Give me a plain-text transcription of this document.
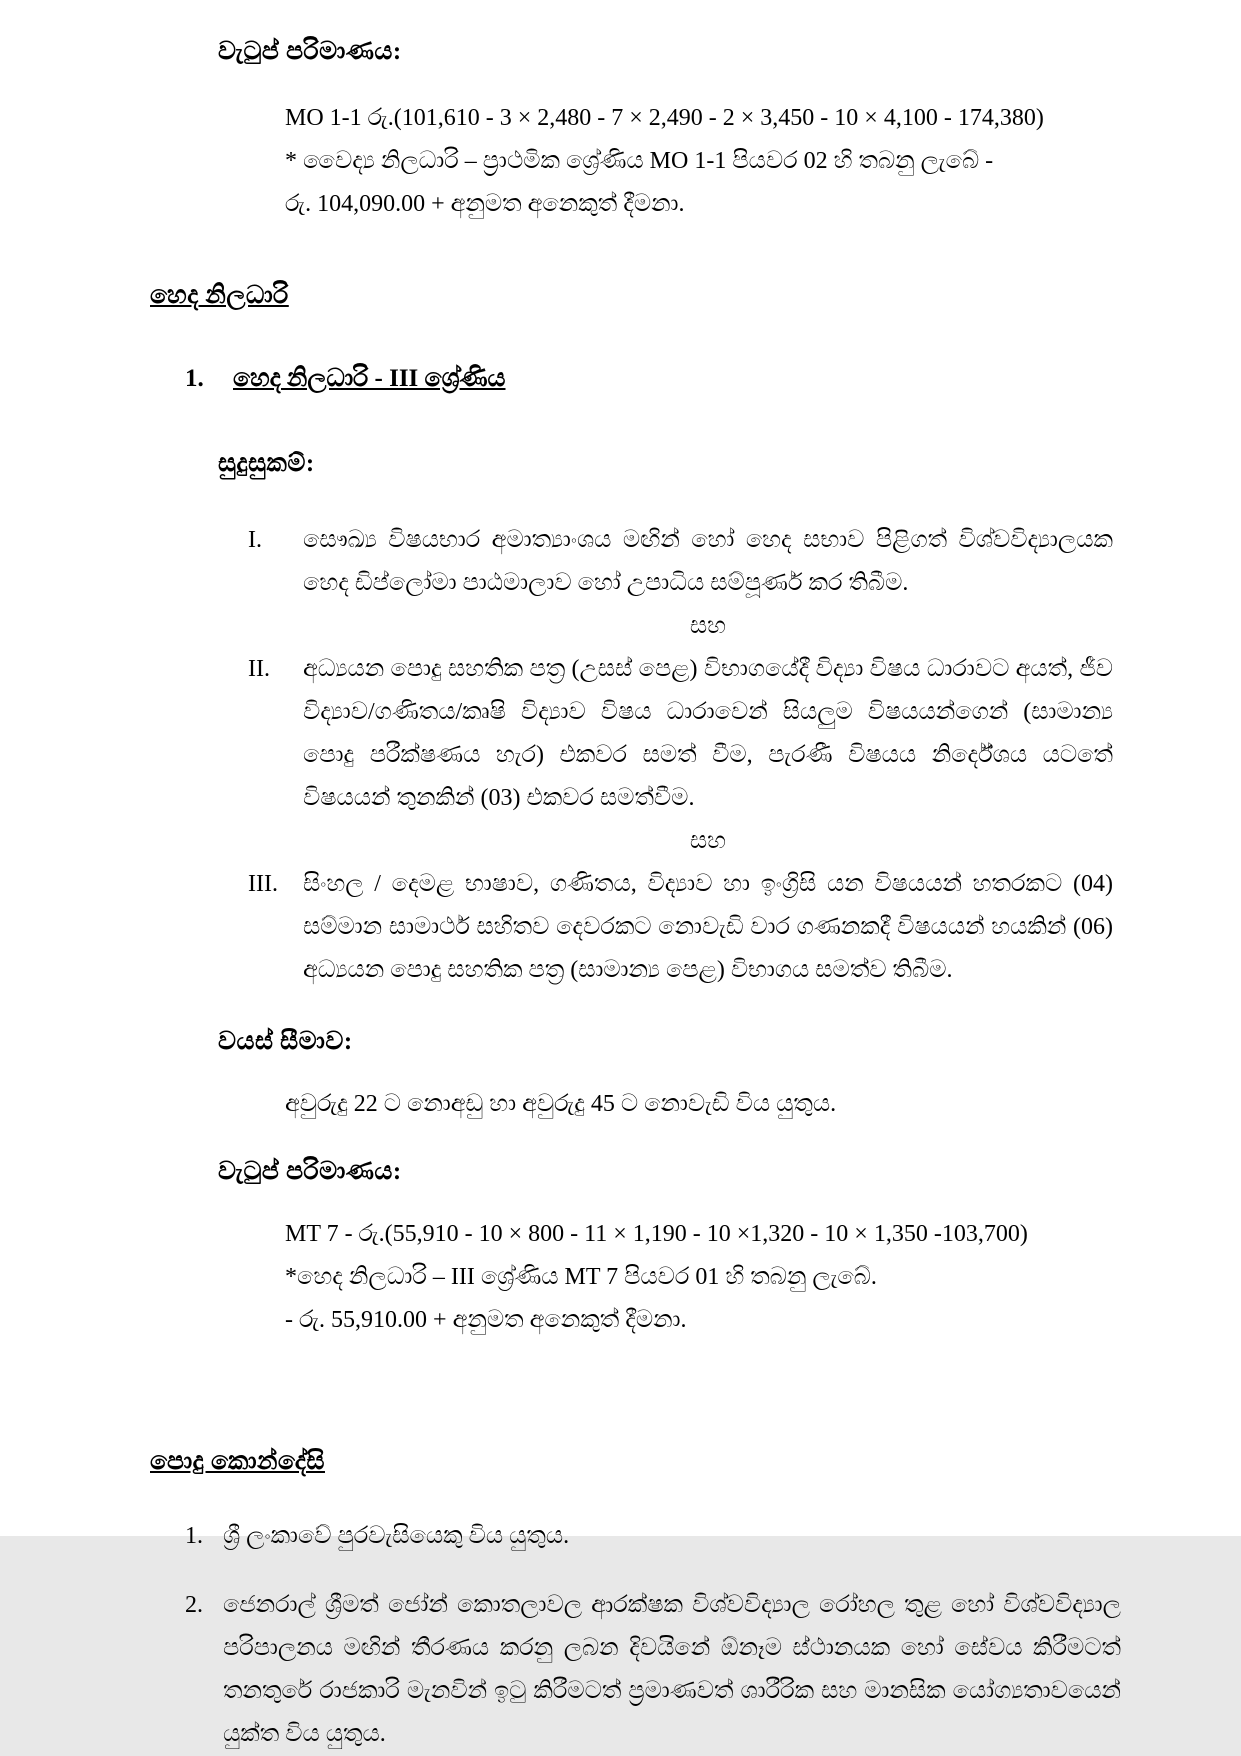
වැටුප් පරිමාණය:
MO 1-1 රු.(101,610 - 3 × 2,480 - 7 × 2,490 - 2 × 3,450 - 10 × 4,100 - 174,380)
* වෛද්‍ය නිලධාරි – ප්‍රාථමික ශ්‍රේණිය MO 1-1 පියවර 02 හි තබනු ලැබේ -
රු. 104,090.00 + අනුමත අනෙකුත් දීමනා.
හෙද නිලධාරි
1.	හෙද නිලධාරි - III ශ්‍රේණිය
සුදුසුකම්:
I.	සෞඛ්‍ය විෂයභාර අමාත්‍යාංශය මඟින් හෝ හෙද සභාව පිළිගත් විශ්වවිද්‍යාලයක හෙද ඩිප්ලෝමා පාඨමාලාව හෝ උපාධිය සම්පූර්ණ කර තිබීම.
සහ
II.	අධ්‍යයන පොදු සහතික පත්‍ර (උසස් පෙළ) විභාගයේදී විද්‍යා විෂය ධාරාවට අයත්, ජීව විද්‍යාව/ගණිතය/කෘෂි විද්‍යාව විෂය ධාරාවෙන් සියලුම විෂයයන්ගෙන් (සාමාන්‍ය පොදු පරීක්ෂණය හැර) එකවර සමත් වීම, පැරණී විෂයය නිර්දේශය යටතේ විෂයයන් තුනකින් (03) එකවර සමත්වීම.
සහ
III.	සිංහල / දෙමළ භාෂාව, ගණිතය, විද්‍යාව හා ඉංග්‍රිසි යන විෂයයන් හතරකට (04) සම්මාන සාමාර්ථ සහිතව දෙවරකට නොවැඩි වාර ගණනකදී විෂයයන් හයකින් (06) අධ්‍යයන පොදු සහතික පත්‍ර (සාමාන්‍ය පෙළ) විභාගය සමත්ව තිබීම.
වයස් සීමාව:
අවුරුදු 22 ට නොඅඩු හා අවුරුදු 45 ට නොවැඩි විය යුතුය.
වැටුප් පරිමාණය:
MT 7 - රු.(55,910 - 10 × 800 - 11 × 1,190 - 10 ×1,320 - 10 × 1,350 -103,700)
*හෙද නිලධාරි – III ශ්‍රේණිය MT 7 පියවර 01 හි තබනු ලැබේ.
- රු. 55,910.00 + අනුමත අනෙකුත් දීමනා.
පොදු කොන්දේසි
1. ශ්‍රී ලංකාවේ පුරවැසියෙකු විය යුතුය.
2. ජෙනරාල් ශ්‍රීමත් ජෝන් කොතලාවල ආරක්ෂක විශ්වවිද්‍යාල රෝහල තුළ හෝ විශ්වවිද්‍යාල පරිපාලනය මඟින් තීරණය කරනු ලබන දිවයිනේ ඕනෑම ස්ථානයක හෝ සේවය කිරීමටත් තනතුරේ රාජකාරි මැනවින් ඉටු කිරීමටත් ප්‍රමාණවත් ශාරීරික සහ මානසික යෝග්‍යතාවයෙන් යුක්ත විය යුතුය.
